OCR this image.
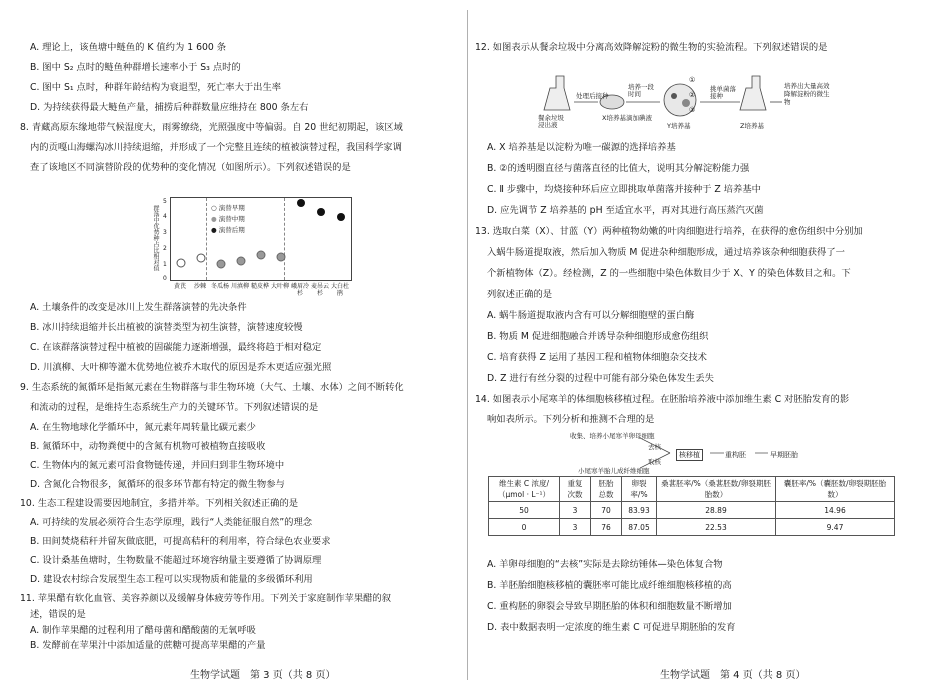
A. 理论上，该鱼塘中鲢鱼的 K 值约为 1 600 条
B. 图中 S₂ 点时的鲢鱼种群增长速率小于 S₃ 点时的
C. 图中 S₁ 点时，种群年龄结构为衰退型，死亡率大于出生率
D. 为持续获得最大鲢鱼产量，捕捞后种群数量应维持在 800 条左右
8. 青藏高原东缘地带气候湿度大，雨雾缭绕，光照强度中等偏弱。自 20 世纪初期起，该区域
内的贡嘎山海螺沟冰川持续退缩，并形成了一个完整且连续的植被演替过程，我国科学家调
查了该地区不同演替阶段的优势种的变化情况（如图所示）。下列叙述错误的是
群落中优势种占比相对值
5
4
3
2
1
0
○ 演替早期
● 演替中期
● 演替后期
黄芪	沙棘 冬瓜杨 川滇柳 糙皮桦 大叶柳 峨眉冷杉
麦吊云杉
大白杜鹃
A. 土壤条件的改变是冰川上发生群落演替的先决条件
B. 冰川持续退缩并长出植被的演替类型为初生演替，演替速度较慢
C. 在该群落演替过程中植被的固碳能力逐渐增强，最终将趋于相对稳定
D. 川滇柳、大叶柳等灌木优势地位被乔木取代的原因是乔木更适应强光照
9. 生态系统的氮循环是指氮元素在生物群落与非生物环境（大气、土壤、水体）之间不断转化
和流动的过程，是维持生态系统生产力的关键环节。下列叙述错误的是
A. 在生物地球化学循环中，氮元素年周转量比碳元素少
B. 氮循环中，动物粪便中的含氮有机物可被植物直接吸收
C. 生物体内的氮元素可沿食物链传递，并回归到非生物环境中
D. 含氮化合物很多，氮循环的很多环节都有特定的微生物参与
10. 生态工程建设需要因地制宜，多措并举。下列相关叙述正确的是
A. 可持续的发展必须符合生态学原理，践行“人类能征服自然”的理念
B. 田间焚烧秸秆并留灰做底肥，可提高秸秆的利用率，符合绿色农业要求
C. 设计桑基鱼塘时，生物数量不能超过环境容纳量主要遵循了协调原理
D. 建设农村综合发展型生态工程可以实现物质和能量的多级循环利用
11. 苹果醋有软化血管、美容养颜以及缓解身体疲劳等作用。下列关于家庭制作苹果醋的叙
述，错误的是
A. 制作苹果醋的过程利用了醋母菌和醋酸菌的无氧呼吸
B. 发酵前在苹果汁中添加适量的蔗糖可提高苹果醋的产量
生物学试题　第 3 页（共 8 页）
12. 如图表示从餐余垃圾中分离高效降解淀粉的微生物的实验流程。下列叙述错误的是
餐余垃圾浸出液
处理后接种
X培养基
培养一段时间
滴加碘液
Y培养基
挑单菌落接种
Z培养基
培养出大量高效降解淀粉的微生物
①
②
③
A. X 培养基是以淀粉为唯一碳源的选择培养基
B. ②的透明圈直径与菌落直径的比值大，说明其分解淀粉能力强
C. Ⅱ 步骤中，均烧接种环后应立即挑取单菌落并接种于 Z 培养基中
D. 应先调节 Z 培养基的 pH 至适宜水平，再对其进行高压蒸汽灭菌
13. 选取白菜（X）、甘蓝（Y）两种植物幼嫩的叶肉细胞进行培养，在获得的愈伤组织中分别加
入蜗牛肠道提取液，然后加入物质 M 促进杂种细胞形成，通过培养该杂种细胞获得了一
个新植物体（Z）。经检测，Z 的一些细胞中染色体数目少于 X、Y 的染色体数目之和。下
列叙述正确的是
A. 蜗牛肠道提取液内含有可以分解细胞壁的蛋白酶
B. 物质 M 促进细胞融合并诱导杂种细胞形成愈伤组织
C. 培育获得 Z 运用了基因工程和植物体细胞杂交技术
D. Z 进行有丝分裂的过程中可能有部分染色体发生丢失
14. 如图表示小尾寒羊的体细胞核移植过程。在胚胎培养液中添加维生素 C 对胚胎发育的影
响如表所示。下列分析和推测不合理的是
收集、培养小尾寒羊卵母细胞
去核
取核
小尾寒羊胎儿成纤维细胞
核移植	重构胚	早期胚胎
维生素 C 浓度/（μmol · L⁻¹）	重复次数	胚胎总数	卵裂率/%	桑葚胚率/%（桑葚胚数/卵裂期胚胎数）	囊胚率/%（囊胚数/卵裂期胚胎数）
50	3	70	83.93	28.89	14.96
0	3	76	87.05	22.53	9.47
A. 羊卵母细胞的“去核”实际是去除纺锤体—染色体复合物
B. 羊胚胎细胞核移植的囊胚率可能比成纤维细胞核移植的高
C. 重构胚的卵裂会导致早期胚胎的体积和细胞数量不断增加
D. 表中数据表明一定浓度的维生素 C 可促进早期胚胎的发育
生物学试题　第 4 页（共 8 页）
